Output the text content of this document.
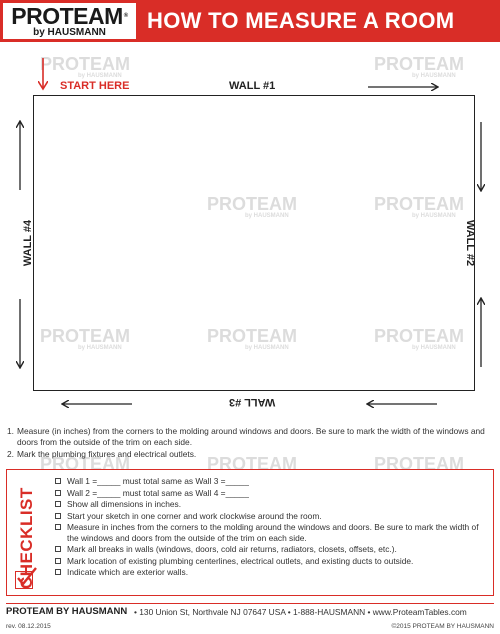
PROTEAM®
by HAUSMANN	HOW TO MEASURE A ROOM
PROTEAM
by HAUSMANN
PROTEAM
by HAUSMANN
PROTEAM
by HAUSMANN
PROTEAM
by HAUSMANN
PROTEAM
by HAUSMANN
PROTEAM
by HAUSMANN
PROTEAM
by HAUSMANN
PROTEAM	PROTEAM	PROTEAM
START HERE	WALL #1
WALL #2
WALL #3
WALL #4
1. Measure (in inches) from the corners to the molding around windows and doors. Be sure to mark the width of the windows and doors from the outside of the trim on each side.
2. Mark the plumbing fixtures and electrical outlets.
CHECKLIST
Wall 1 =_____ must total same as Wall 3 =_____
Wall 2 =_____ must total same as Wall 4 =_____
Show all dimensions in inches.
Start your sketch in one corner and work clockwise around the room.
Measure in inches from the corners to the molding around the windows and doors. Be sure to mark the width of the windows and doors from the outside of the trim on each side.
Mark all breaks in walls (windows, doors, cold air returns, radiators, closets, offsets, etc.).
Mark location of existing plumbing centerlines, electrical outlets, and existing ducts to outside.
Indicate which are exterior walls.
PROTEAM BY HAUSMANN • 130 Union St, Northvale NJ 07647 USA • 1-888-HAUSMANN • www.ProteamTables.com
rev. 08.12.2015	©2015 PROTEAM BY HAUSMANN
